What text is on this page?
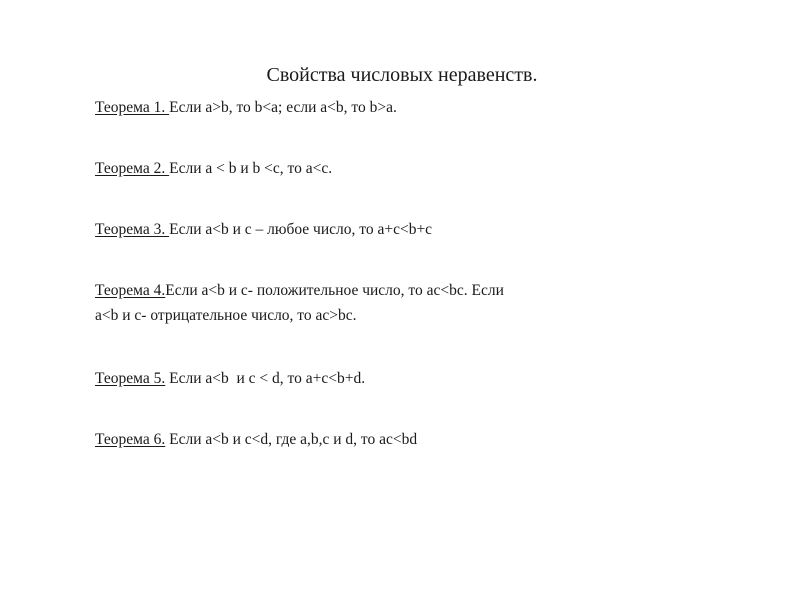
Свойства числовых неравенств.
Теорема 1. Если a>b, то b<a; если a<b, то b>a.
Теорема 2. Если a < b и b <c, то a<c.
Теорема 3. Если a<b и c – любое число, то a+c<b+c
Теорема 4.Если a<b и c- положительное число, то ac<bc. Если
a<b и c- отрицательное число, то ac>bc.
Теорема 5. Если a<b  и c < d, то a+c<b+d.
Теорема 6. Если a<b и c<d, где a,b,c и d, то ac<bd
